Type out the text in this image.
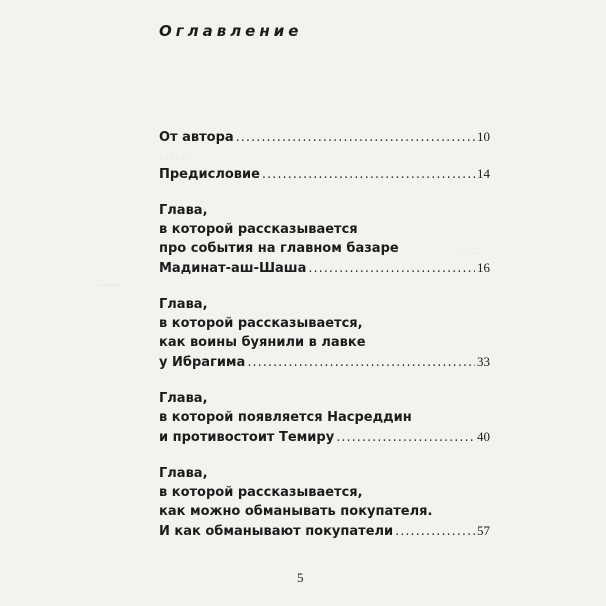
. . . . . .
.......
. . . .
Оглавление
От автора .....	10
Предисловие .....	14
Глава,
в которой рассказывается
про события на главном базаре
Мадинат-аш-Шаша .....	16
Глава,
в которой рассказывается,
как воины буянили в лавке
у Ибрагима .....	33
Глава,
в которой появляется Насреддин
и противостоит Темиру .....	40
Глава,
в которой рассказывается,
как можно обманывать покупателя.
И как обманывают покупатели .....	57
5
